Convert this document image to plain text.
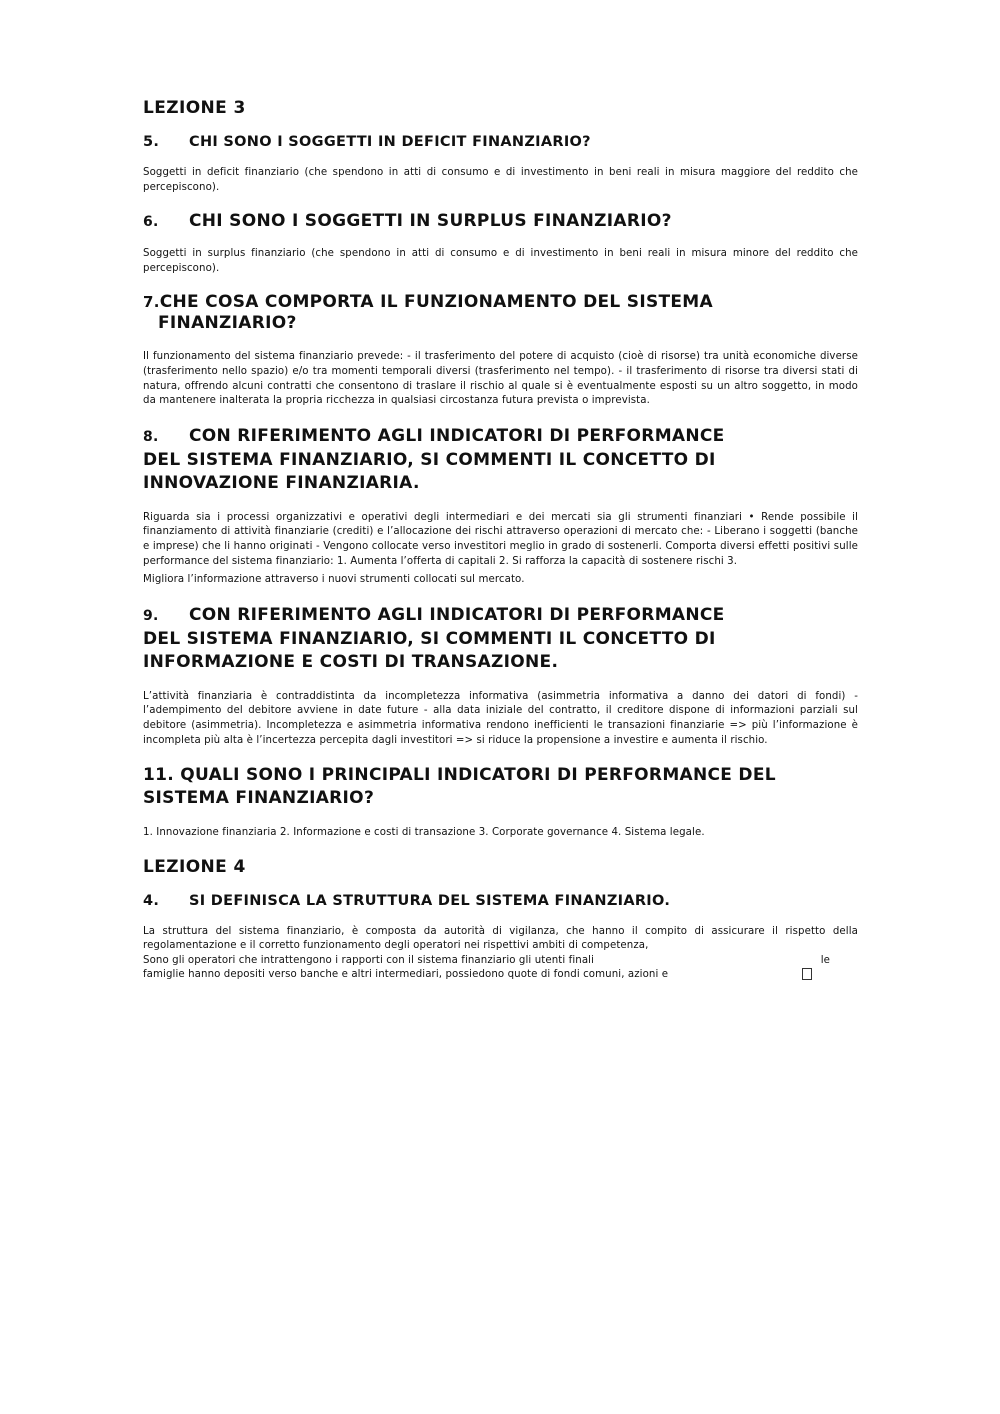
LEZIONE 3
5.	CHI SONO I SOGGETTI IN DEFICIT FINANZIARIO?

Soggetti in deficit finanziario (che spendono in atti di consumo e di investimento in beni reali in misura maggiore del reddito che percepiscono).

6.	CHI SONO I SOGGETTI IN SURPLUS FINANZIARIO?

Soggetti in surplus finanziario (che spendono in atti di consumo e di investimento in beni reali in misura minore del reddito che percepiscono).

7.CHE COSA COMPORTA IL FUNZIONAMENTO DEL SISTEMA
FINANZIARIO?

Il funzionamento del sistema finanziario prevede: - il trasferimento del potere di acquisto (cioè di risorse) tra unità economiche diverse (trasferimento nello spazio) e/o tra momenti temporali diversi (trasferimento nel tempo). - il trasferimento di risorse tra diversi stati di natura, offrendo alcuni contratti che consentono di traslare il rischio al quale si è eventualmente esposti su un altro soggetto, in modo da mantenere inalterata la propria ricchezza in qualsiasi circostanza futura prevista o imprevista.

8. CON RIFERIMENTO AGLI INDICATORI DI PERFORMANCE
DEL SISTEMA FINANZIARIO, SI COMMENTI IL CONCETTO DI
INNOVAZIONE FINANZIARIA.

Riguarda sia i processi organizzativi e operativi degli intermediari e dei mercati sia gli strumenti finanziari • Rende possibile il finanziamento di attività finanziarie (crediti) e l’allocazione dei rischi attraverso operazioni di mercato che: - Liberano i soggetti (banche e imprese) che li hanno originati - Vengono collocate verso investitori meglio in grado di sostenerli. Comporta diversi effetti positivi sulle performance del sistema finanziario: 1. Aumenta l’offerta di capitali 2. Si rafforza la capacità di sostenere rischi 3.

Migliora l’informazione attraverso i nuovi strumenti collocati sul mercato.

9. CON RIFERIMENTO AGLI INDICATORI DI PERFORMANCE
DEL SISTEMA FINANZIARIO, SI COMMENTI IL CONCETTO DI
INFORMAZIONE E COSTI DI TRANSAZIONE.

L’attività finanziaria è contraddistinta da incompletezza informativa (asimmetria informativa a danno dei datori di fondi) - l’adempimento del debitore avviene in date future - alla data iniziale del contratto, il creditore dispone di informazioni parziali sul debitore (asimmetria). Incompletezza e asimmetria informativa rendono inefficienti le transazioni finanziarie => più l’informazione è incompleta più alta è l’incertezza percepita dagli investitori => si riduce la propensione a investire e aumenta il rischio.

11. QUALI SONO I PRINCIPALI INDICATORI DI PERFORMANCE DEL
SISTEMA FINANZIARIO?

1. Innovazione finanziaria 2. Informazione e costi di transazione 3. Corporate governance 4. Sistema legale.

LEZIONE 4
4.	SI DEFINISCA LA STRUTTURA DEL SISTEMA FINANZIARIO.
La struttura del sistema finanziario, è composta da autorità di vigilanza, che hanno il compito di assicurare il rispetto della regolamentazione e il corretto funzionamento degli operatori nei rispettivi ambiti di competenza,
Sono gli operatori che intrattengono i rapporti con il sistema finanziario gli utenti finali	le
famiglie hanno depositi verso banche e altri intermediari, possiedono quote di fondi comuni, azioni e
